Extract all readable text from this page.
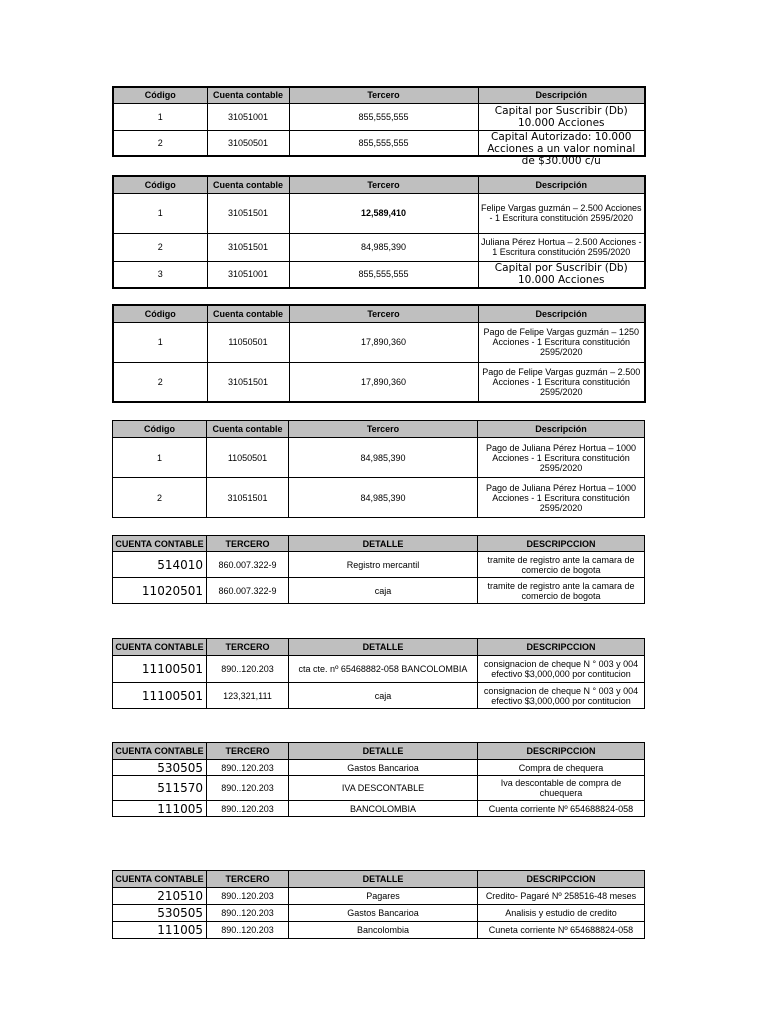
Código	Cuenta contable	Tercero	Descripción
1	31051001	855,555,555	Capital por Suscribir (Db) 10.000 Acciones
2	31050501	855,555,555	Capital Autorizado: 10.000 Acciones a un valor nominal de $30.000 c/u
Código	Cuenta contable	Tercero	Descripción
1	31051501	12,589,410	Felipe Vargas guzmán – 2.500 Acciones - 1 Escritura constitución 2595/2020
2	31051501	84,985,390	Juliana Pérez Hortua – 2.500 Acciones - 1 Escritura constitución 2595/2020
3	31051001	855,555,555	Capital por Suscribir (Db) 10.000 Acciones
Código	Cuenta contable	Tercero	Descripción
1	11050501	17,890,360	Pago de Felipe Vargas guzmán – 1250 Acciones - 1 Escritura constitución 2595/2020
2	31051501	17,890,360	Pago de Felipe Vargas guzmán – 2.500 Acciones - 1 Escritura constitución 2595/2020
Código	Cuenta contable	Tercero	Descripción
1	11050501	84,985,390	Pago de Juliana Pérez Hortua – 1000 Acciones - 1 Escritura constitución 2595/2020
2	31051501	84,985,390	Pago de Juliana Pérez Hortua – 1000 Acciones - 1 Escritura constitución 2595/2020
CUENTA CONTABLE	TERCERO	DETALLE	DESCRIPCCION
514010	860.007.322-9	Registro mercantil	tramite de registro ante la camara de comercio de bogota
11020501	860.007.322-9	caja	tramite de registro ante la camara de comercio de bogota
CUENTA CONTABLE	TERCERO	DETALLE	DESCRIPCCION
11100501	890..120.203	cta cte. nº 65468882-058 BANCOLOMBIA	consignacion de cheque N ° 003 y 004 efectivo $3,000,000 por contitucion
11100501	123,321,111	caja	consignacion de cheque N ° 003 y 004 efectivo $3,000,000 por contitucion
CUENTA CONTABLE	TERCERO	DETALLE	DESCRIPCCION
530505	890..120.203	Gastos Bancarioa	Compra de chequera
511570	890..120.203	IVA DESCONTABLE	Iva descontable de compra de chuequera
111005	890..120.203	BANCOLOMBIA	Cuenta corriente Nº 654688824-058
CUENTA CONTABLE	TERCERO	DETALLE	DESCRIPCCION
210510	890..120.203	Pagares	Credito- Pagaré Nº 258516-48 meses
530505	890..120.203	Gastos Bancarioa	Analisis y estudio de credito
111005	890..120.203	Bancolombia	Cuneta corriente Nº 654688824-058
